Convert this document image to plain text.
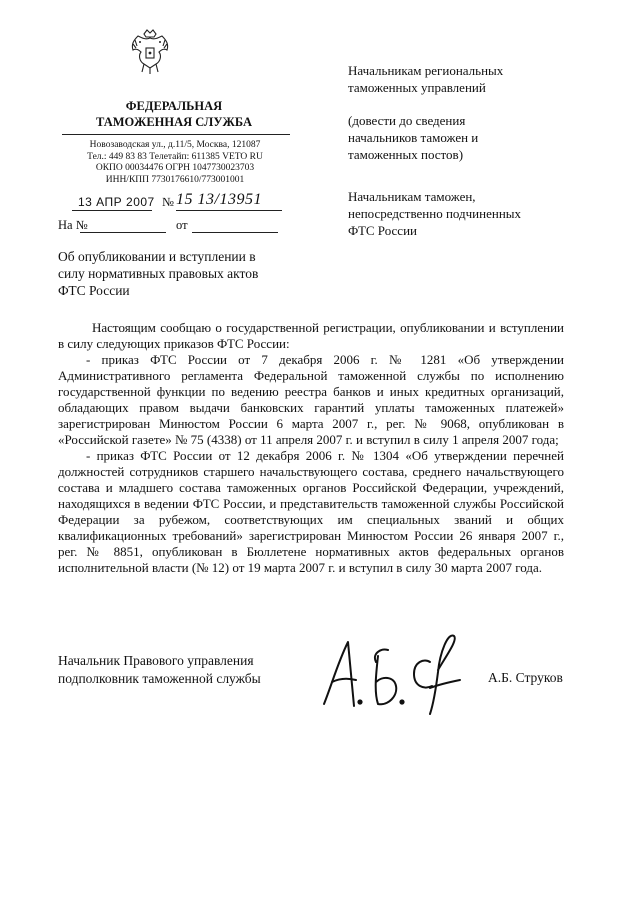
ФЕДЕРАЛЬНАЯ
ТАМОЖЕННАЯ СЛУЖБА
Новозаводская ул., д.11/5, Москва, 121087
Тел.: 449 83 83 Телетайп: 611385 VETO RU
ОКПО 00034476 ОГРН 1047730023703
ИНН/КПП 7730176610/773001001
13 АПР 2007 № 15 13/13951
На №	от
Начальникам региональных
таможенных управлений
(довести до сведения
начальников таможен и
таможенных постов)
Начальникам таможен,
непосредственно подчиненных
ФТС России
Об опубликовании и вступлении в
силу нормативных правовых актов
ФТС России

Настоящим сообщаю о государственной регистрации, опубликовании и вступлении в силу следующих приказов ФТС России:

- приказ ФТС России от 7 декабря 2006 г. № 1281 «Об утверждении Административного регламента Федеральной таможенной службы по исполнению государственной функции по ведению реестра банков и иных кредитных организаций, обладающих правом выдачи банковских гарантий уплаты таможенных платежей» зарегистрирован Минюстом России 6 марта 2007 г., рег. № 9068, опубликован в «Российской газете» № 75 (4338) от 11 апреля 2007 г. и вступил в силу 1 апреля 2007 года;

- приказ ФТС России от 12 декабря 2006 г. № 1304 «Об утверждении перечней должностей сотрудников старшего начальствующего состава, среднего начальствующего состава и младшего состава таможенных органов Российской Федерации, учреждений, находящихся в ведении ФТС России, и представительств таможенной службы Российской Федерации за рубежом, соответствующих им специальных званий и общих квалификационных требований» зарегистрирован Минюстом России 26 января 2007 г., рег. № 8851, опубликован в Бюллетене нормативных актов федеральных органов исполнительной власти (№ 12) от 19 марта 2007 г. и вступил в силу 30 марта 2007 года.

Начальник Правового управления
подполковник таможенной службы	А.Б. Струков
